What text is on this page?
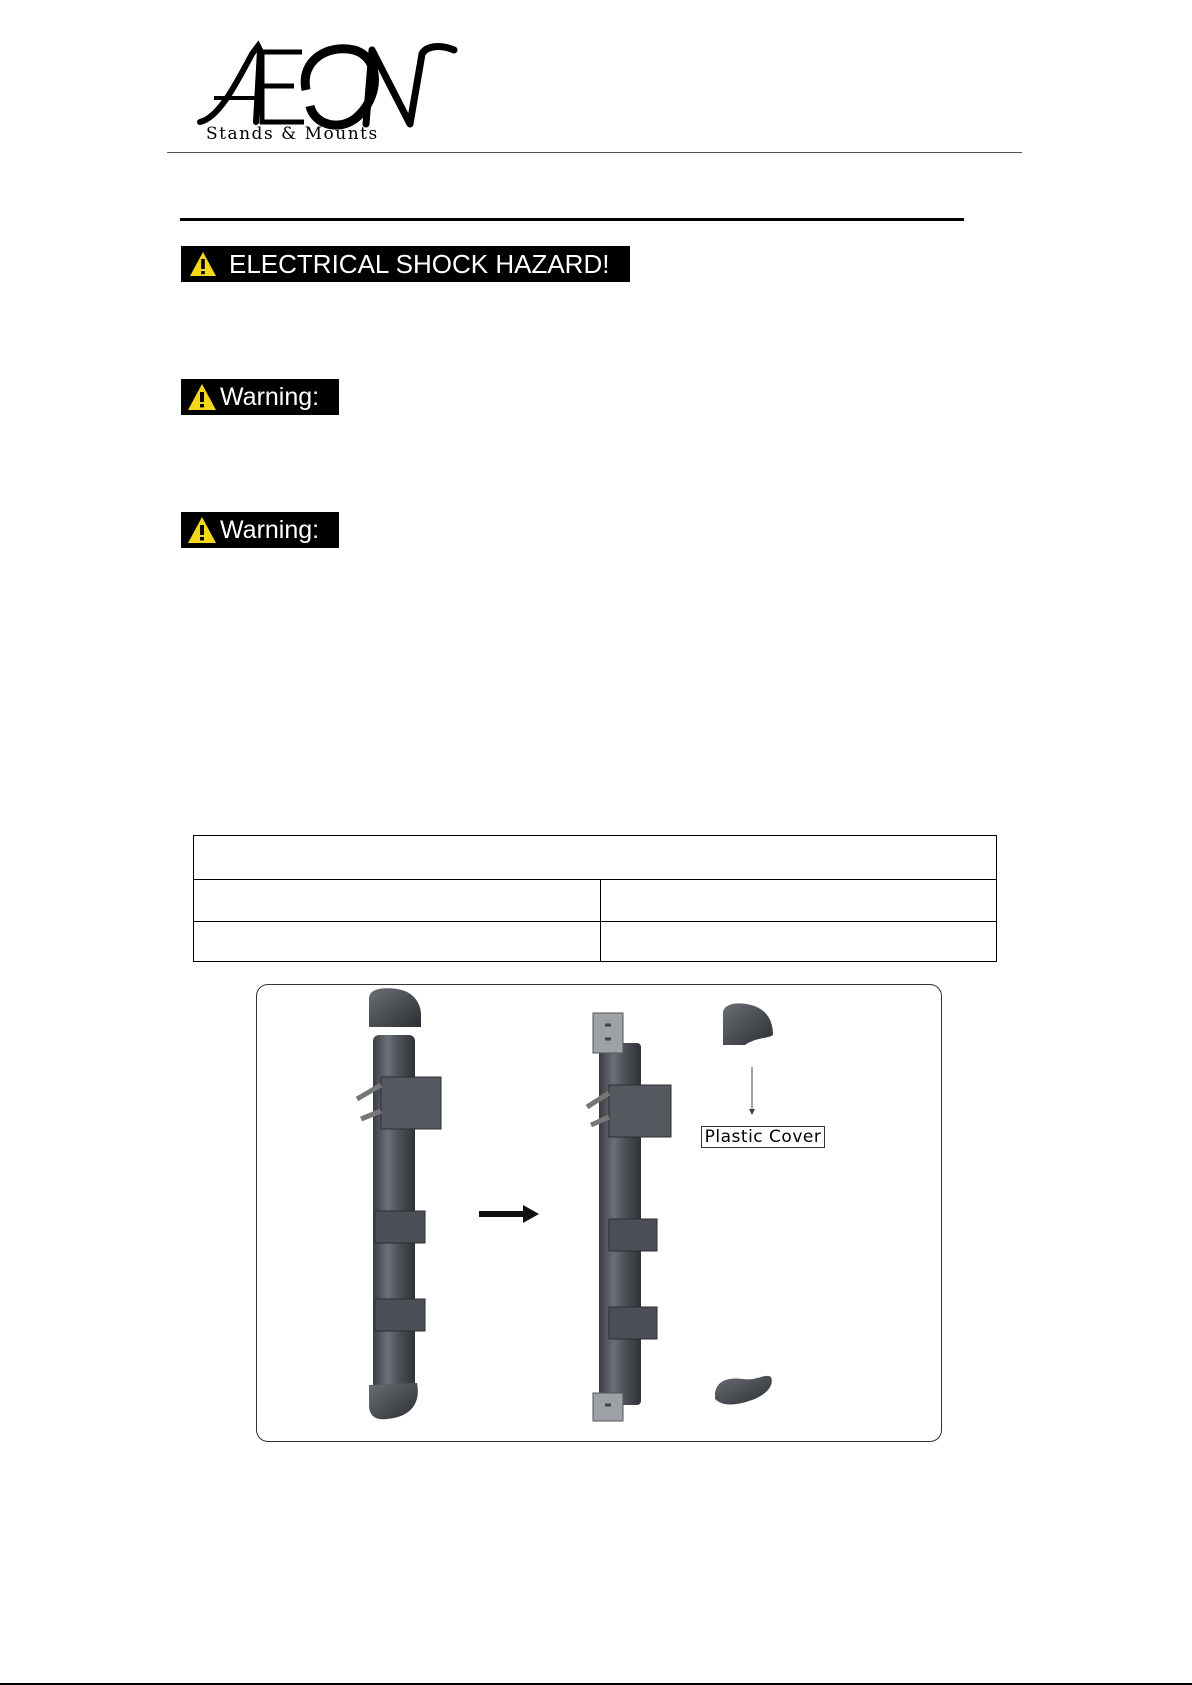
ELECTRICAL SHOCK HAZARD!
Warning:
Warning:

Plastic Cover
Stands & Mounts
